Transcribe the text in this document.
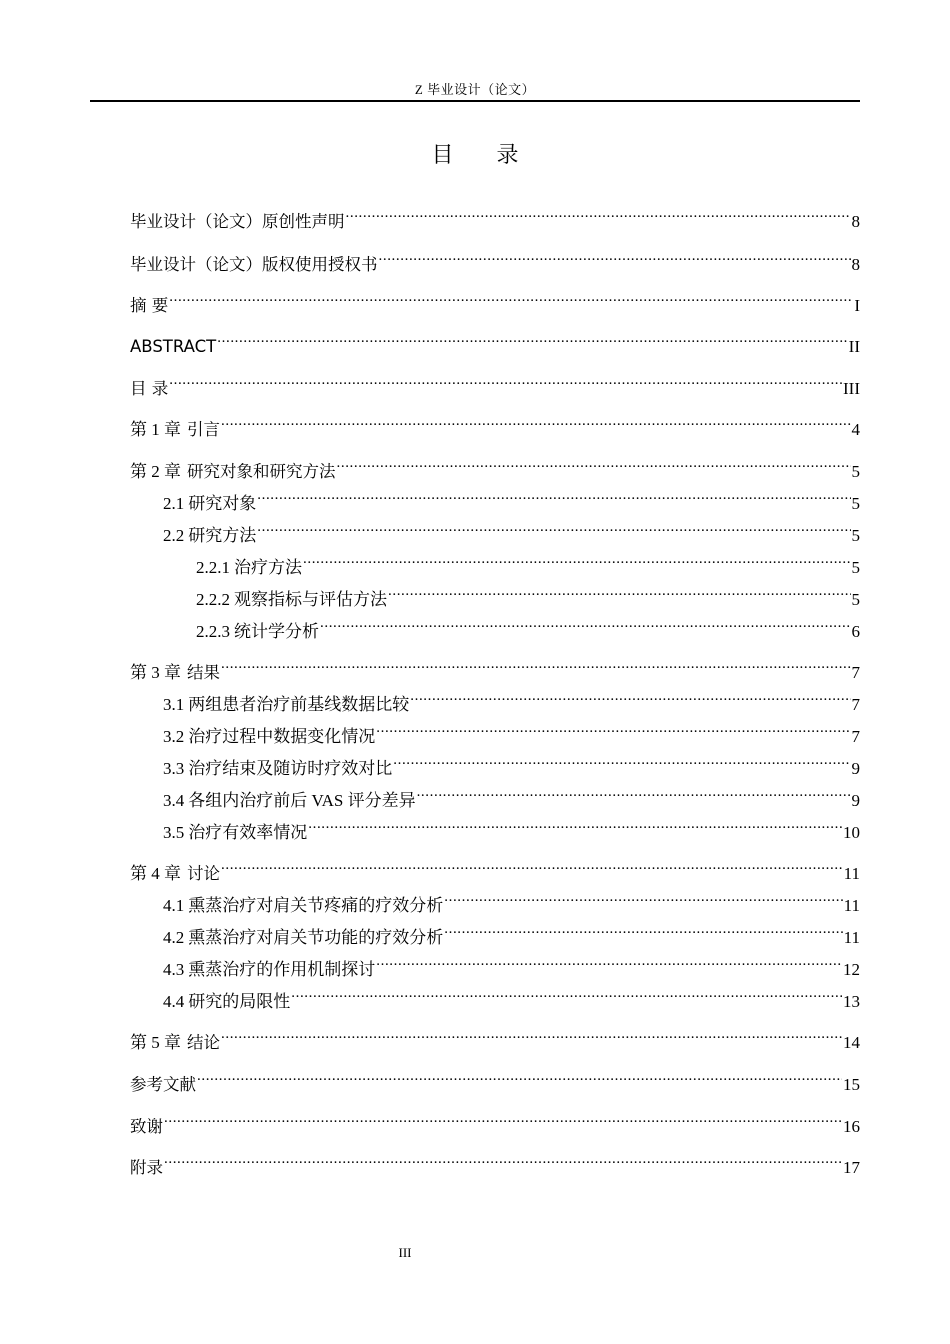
Z 毕业设计（论文）
目 录
毕业设计（论文）原创性声明 .....	8
毕业设计（论文）版权使用授权书 .....	8
摘 要 .....	I
ABSTRACT .....	II
目 录 .....	III
第 1 章 引言 .....	4
第 2 章 研究对象和研究方法 .....	5
2.1 研究对象 .....	5
2.2 研究方法 .....	5
2.2.1 治疗方法 .....	5
2.2.2 观察指标与评估方法 .....	5
2.2.3 统计学分析 .....	6
第 3 章 结果 .....	7
3.1 两组患者治疗前基线数据比较 .....	7
3.2 治疗过程中数据变化情况 .....	7
3.3 治疗结束及随访时疗效对比 .....	9
3.4 各组内治疗前后 VAS 评分差异 .....	9
3.5 治疗有效率情况 .....	10
第 4 章 讨论 .....	11
4.1 熏蒸治疗对肩关节疼痛的疗效分析 .....	11
4.2 熏蒸治疗对肩关节功能的疗效分析 .....	11
4.3 熏蒸治疗的作用机制探讨 .....	12
4.4 研究的局限性 .....	13
第 5 章 结论 .....	14
参考文献 .....	15
致谢 .....	16
附录 .....	17
III
